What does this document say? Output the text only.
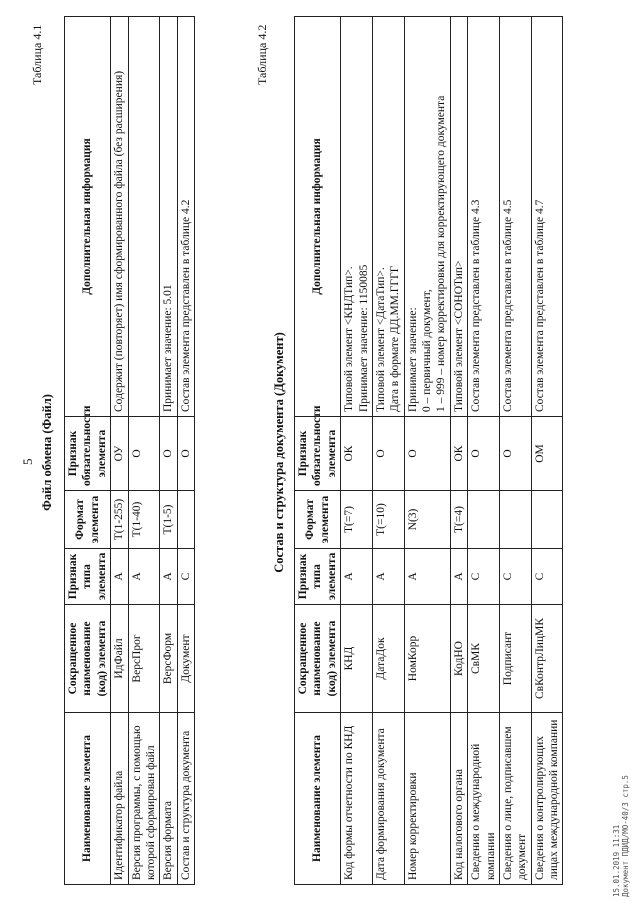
5
Таблица 4.1
Файл обмена (Файл)
Наименование элемента	Сокращенное наименование (код) элемента	Признак типа элемента	Формат элемента	Признак обязательности элемента	Дополнительная информация
Идентификатор файла	ИдФайл	А	T(1-255)	ОУ	Содержит (повторяет) имя сформированного файла (без расширения)
Версия программы, с помощью которой сформирован файл	ВерсПрог	А	T(1-40)	О	
Версия формата	ВерсФорм	А	T(1-5)	О	Принимает значение: 5.01
Состав и структура документа	Документ	С		О	Состав элемента представлен в таблице 4.2
Таблица 4.2
Состав и структура документа (Документ)
Наименование элемента	Сокращенное наименование (код) элемента	Признак типа элемента	Формат элемента	Признак обязательности элемента	Дополнительная информация
Код формы отчетности по КНД	КНД	А	T(=7)	ОК	Типовой элемент <КНДТип>.
Принимает значение: 1150085
Дата формирования документа	ДатаДок	А	T(=10)	О	Типовой элемент <ДатаТип>.
Дата в формате ДД.ММ.ГГГГ
Номер корректировки	НомКорр	А	N(3)	О	Принимает значение:
0 – первичный документ,
1 – 999 – номер корректировки для корректирующего документа
Код налогового органа	КодНО	А	T(=4)	ОК	Типовой элемент <СОНОТип>
Сведения о международной компании	СвМК	С		О	Состав элемента представлен в таблице 4.3
Сведения о лице, подписавшем документ	Подписант	С		О	Состав элемента представлен в таблице 4.5
Сведения о контролирующих лицах международной компании	СвКонтрЛицМК	С		ОМ	Состав элемента представлен в таблице 4.7
15.01.2019 11:31 Документ ПДИД/МО-40/3 стр.5
